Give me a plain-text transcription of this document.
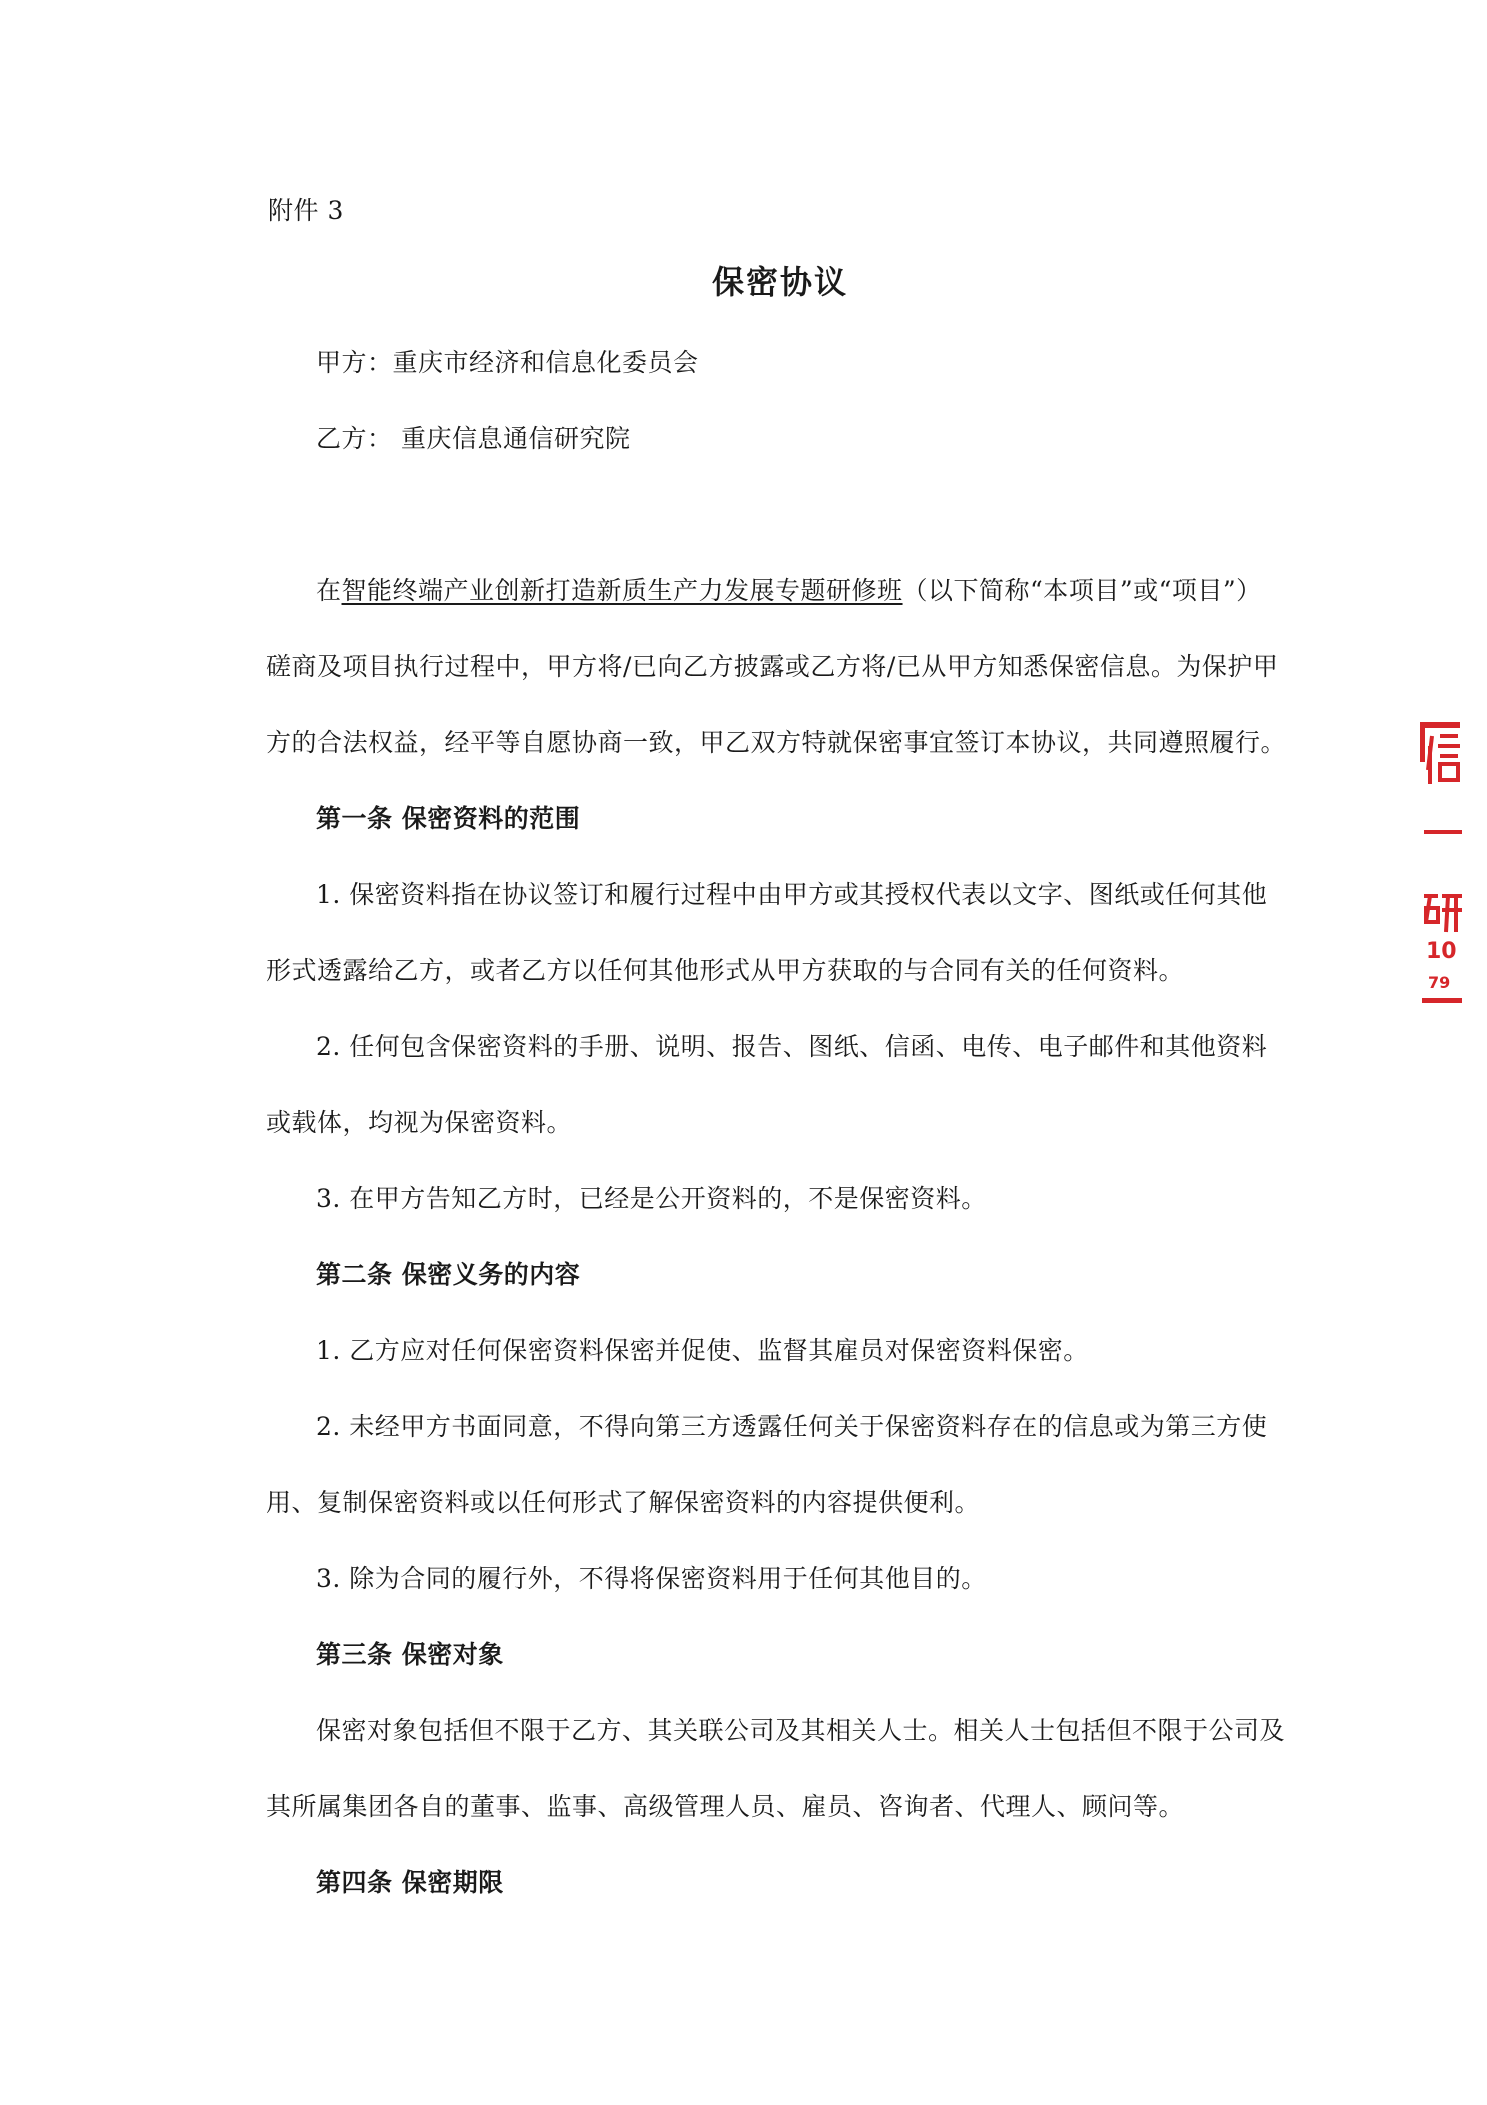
附件 3
保密协议
甲方：重庆市经济和信息化委员会
乙方： 重庆信息通信研究院
在智能终端产业创新打造新质生产力发展专题研修班（以下简称“本项目”或“项目”）
磋商及项目执行过程中，甲方将/已向乙方披露或乙方将/已从甲方知悉保密信息。为保护甲
方的合法权益，经平等自愿协商一致，甲乙双方特就保密事宜签订本协议，共同遵照履行。
第一条 保密资料的范围
1. 保密资料指在协议签订和履行过程中由甲方或其授权代表以文字、图纸或任何其他
形式透露给乙方，或者乙方以任何其他形式从甲方获取的与合同有关的任何资料。
2. 任何包含保密资料的手册、说明、报告、图纸、信函、电传、电子邮件和其他资料
或载体，均视为保密资料。
3. 在甲方告知乙方时，已经是公开资料的，不是保密资料。
第二条 保密义务的内容
1. 乙方应对任何保密资料保密并促使、监督其雇员对保密资料保密。
2. 未经甲方书面同意，不得向第三方透露任何关于保密资料存在的信息或为第三方使
用、复制保密资料或以任何形式了解保密资料的内容提供便利。
3. 除为合同的履行外，不得将保密资料用于任何其他目的。
第三条 保密对象
保密对象包括但不限于乙方、其关联公司及其相关人士。相关人士包括但不限于公司及
其所属集团各自的董事、监事、高级管理人员、雇员、咨询者、代理人、顾问等。
第四条 保密期限
10
79
